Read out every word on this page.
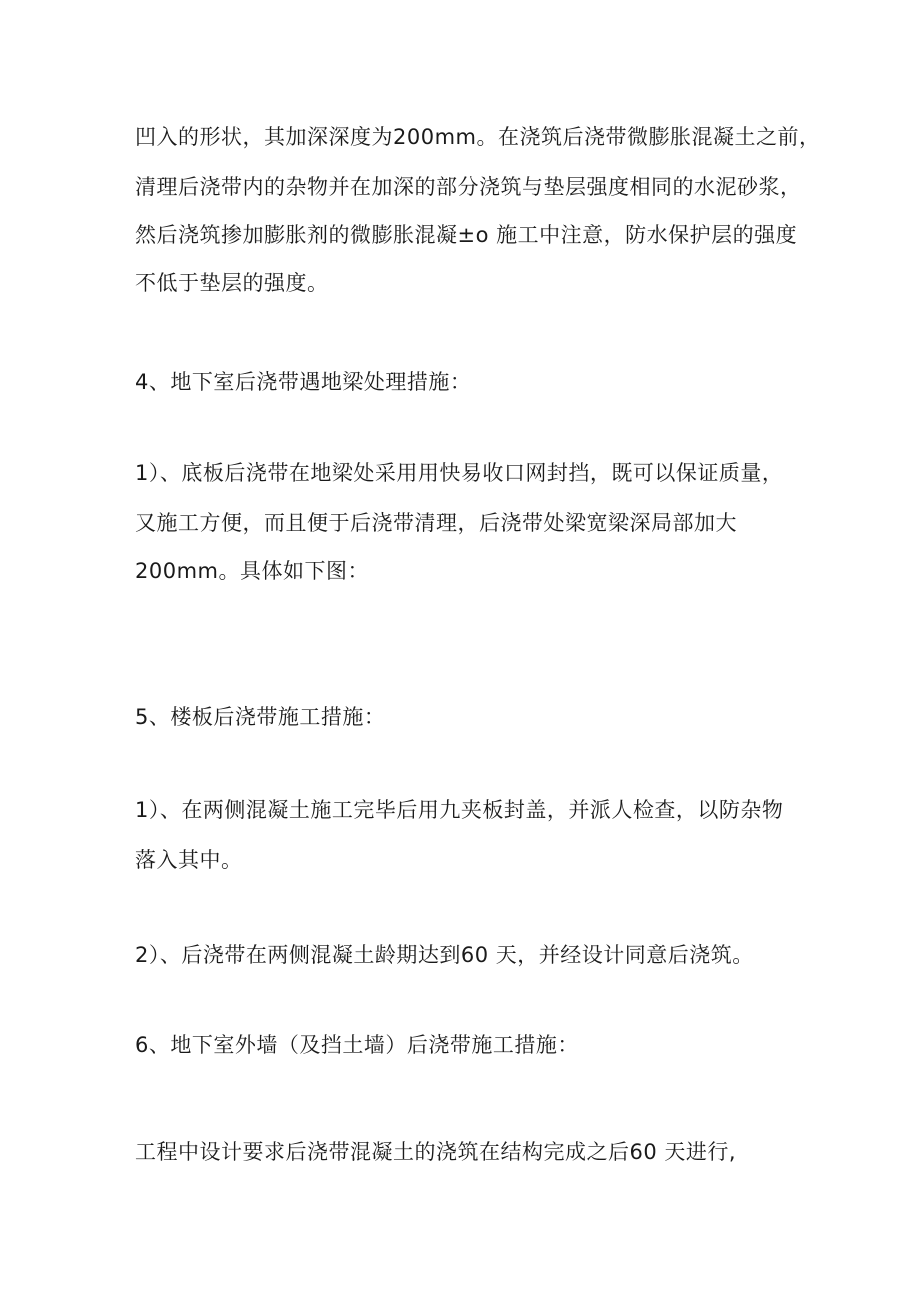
凹入的形状，其加深深度为200mm。在浇筑后浇带微膨胀混凝土之前，
清理后浇带内的杂物并在加深的部分浇筑与垫层强度相同的水泥砂浆，
然后浇筑掺加膨胀剂的微膨胀混凝±o 施工中注意，防水保护层的强度
不低于垫层的强度。
4、地下室后浇带遇地梁处理措施：
1）、底板后浇带在地梁处采用用快易收口网封挡，既可以保证质量，
又施工方便，而且便于后浇带清理，后浇带处梁宽梁深局部加大
200mm。具体如下图：
5、楼板后浇带施工措施：
1）、在两侧混凝土施工完毕后用九夹板封盖，并派人检查，以防杂物
落入其中。
2）、后浇带在两侧混凝土龄期达到60 天，并经设计同意后浇筑。
6、地下室外墙（及挡土墙）后浇带施工措施：
工程中设计要求后浇带混凝土的浇筑在结构完成之后60 天进行,
